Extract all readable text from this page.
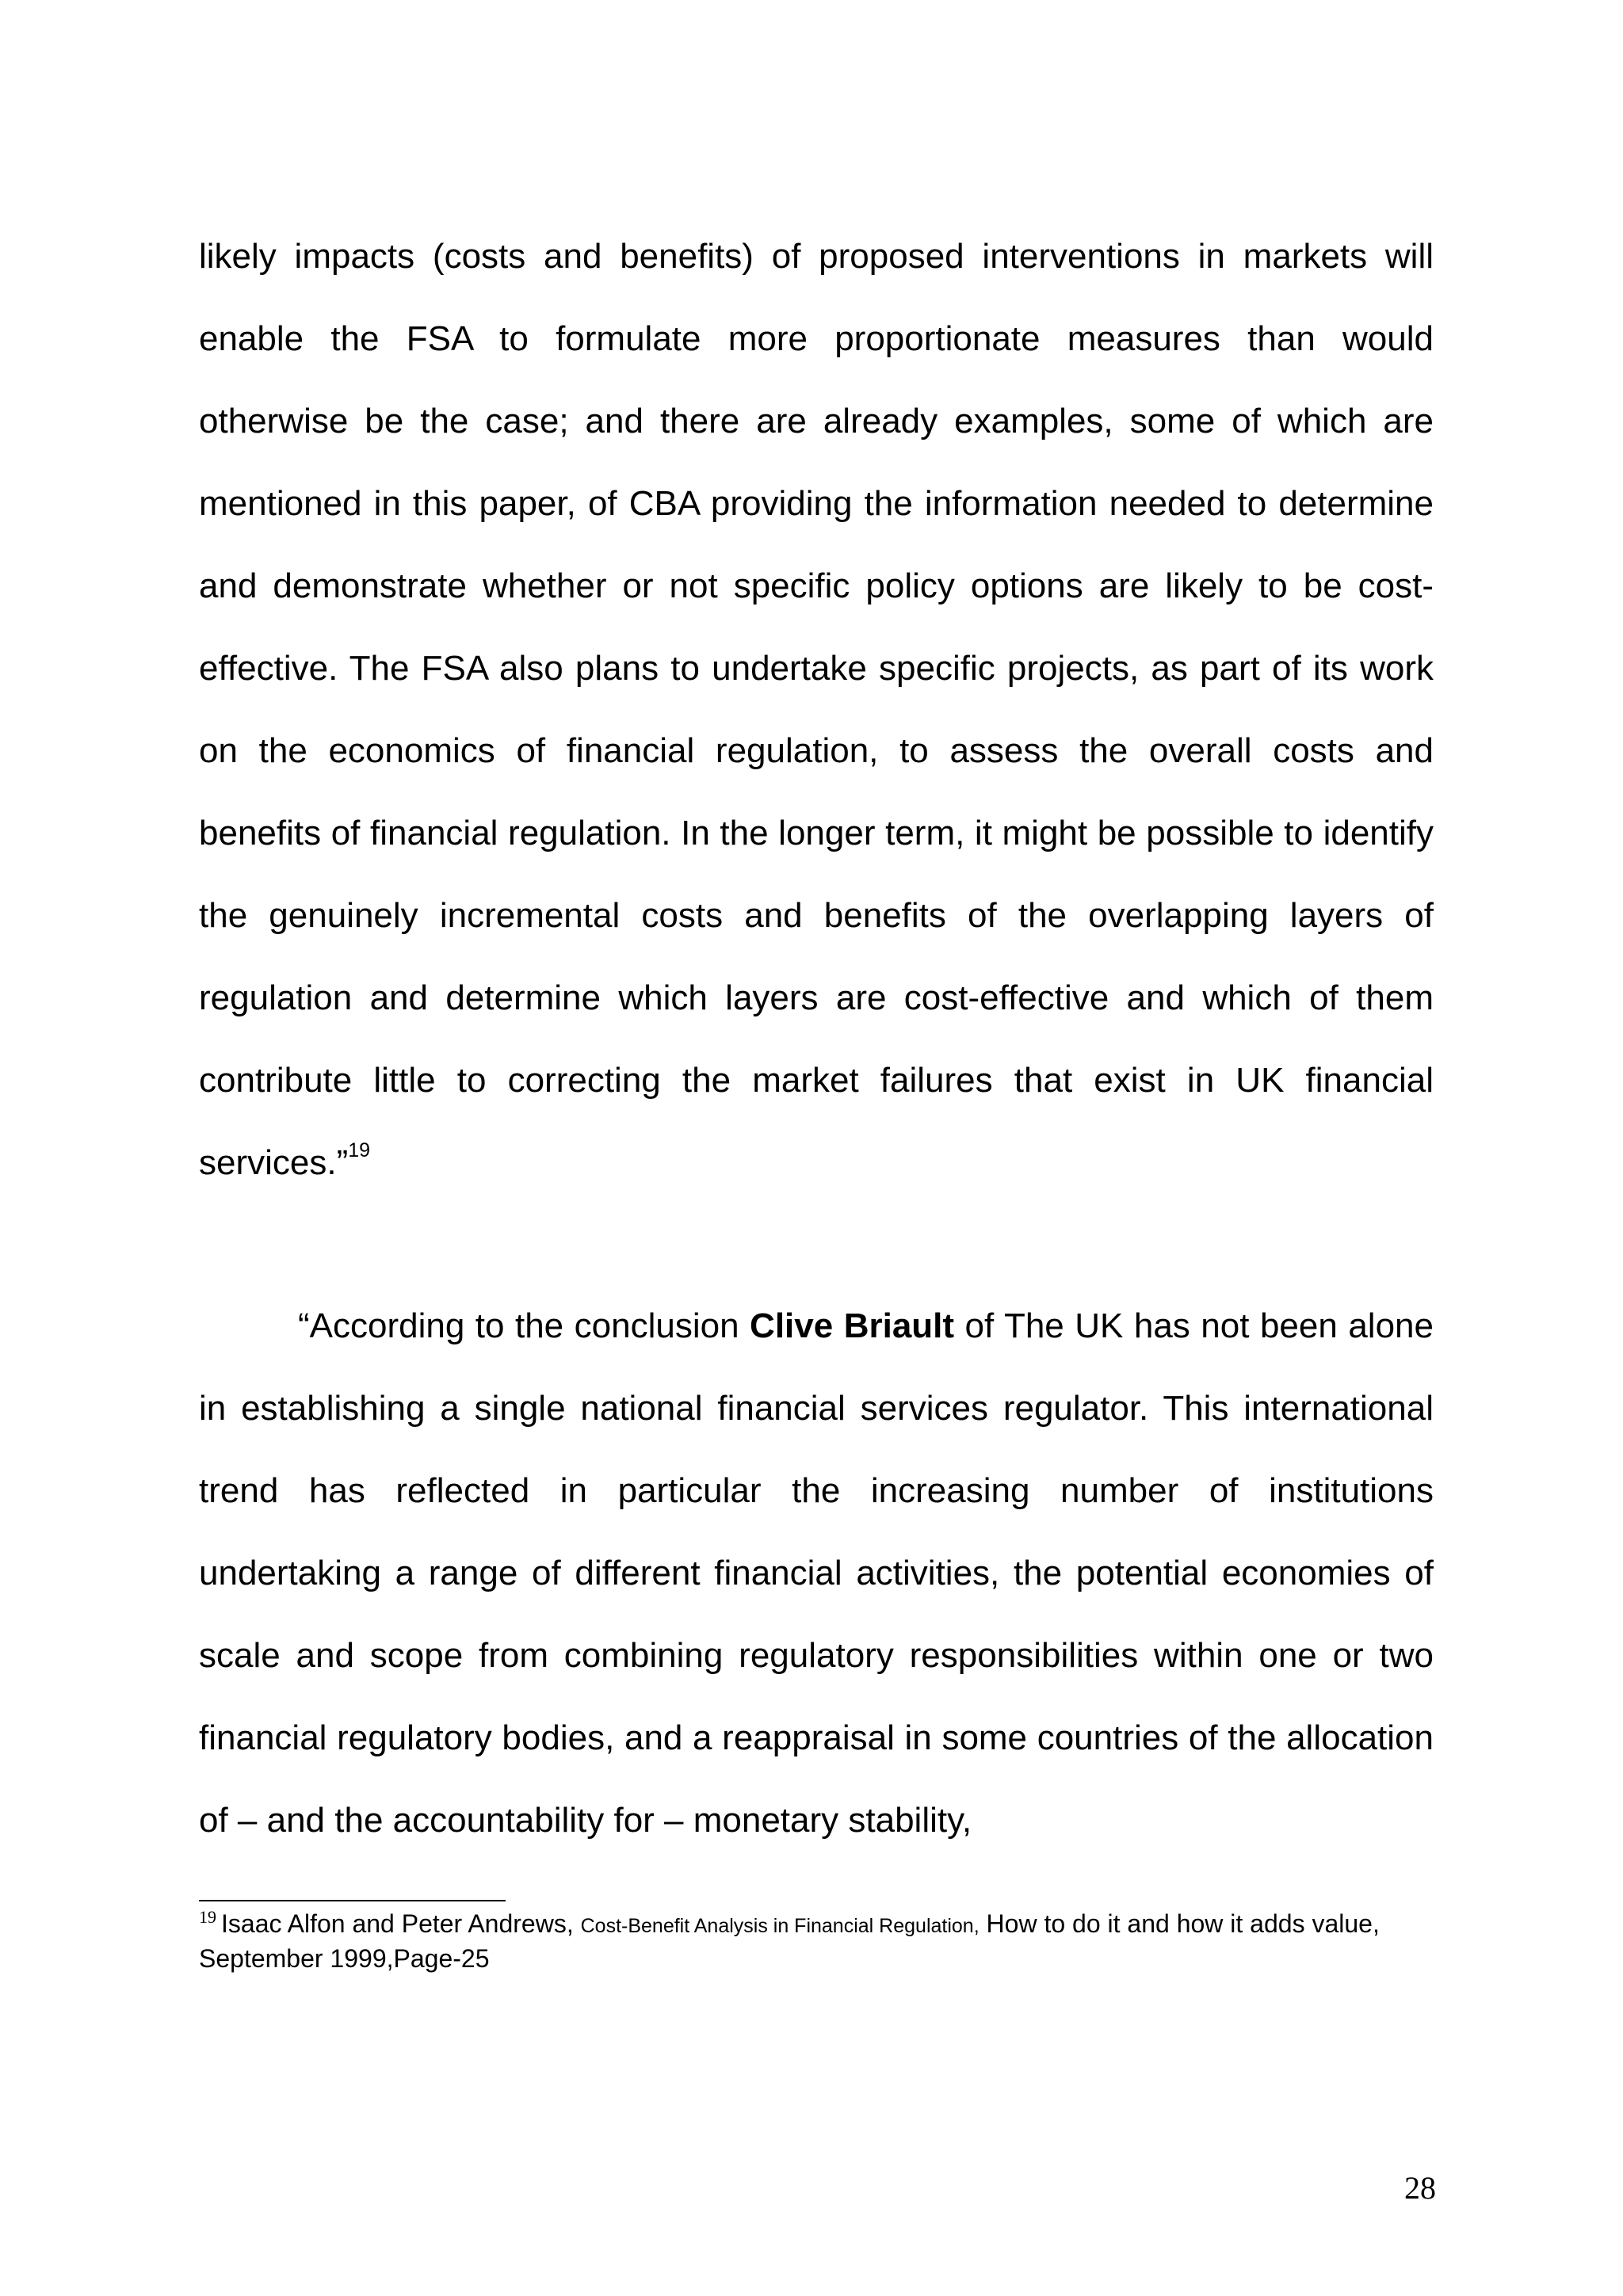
likely impacts (costs and benefits) of proposed interventions in markets will enable the FSA to formulate more proportionate measures than would otherwise be the case; and there are already examples, some of which are mentioned in this paper, of CBA providing the information needed to determine and demonstrate whether or not specific policy options are likely to be cost-effective. The FSA also plans to undertake specific projects, as part of its work on the economics of financial regulation, to assess the overall costs and benefits of financial regulation. In the longer term, it might be possible to identify the genuinely incremental costs and benefits of the overlapping layers of regulation and determine which layers are cost-effective and which of them contribute little to correcting the market failures that exist in UK financial services.”$^{19}$

“According to the conclusion Clive Briault of The UK has not been alone in establishing a single national financial services regulator. This international trend has reflected in particular the increasing number of institutions undertaking a range of different financial activities, the potential economies of scale and scope from combining regulatory responsibilities within one or two financial regulatory bodies, and a reappraisal in some countries of the allocation of – and the accountability for – monetary stability,

$^{19}$ Isaac Alfon and Peter Andrews, Cost-Benefit Analysis in Financial Regulation, How to do it and how it adds value, September 1999,Page-25

28
